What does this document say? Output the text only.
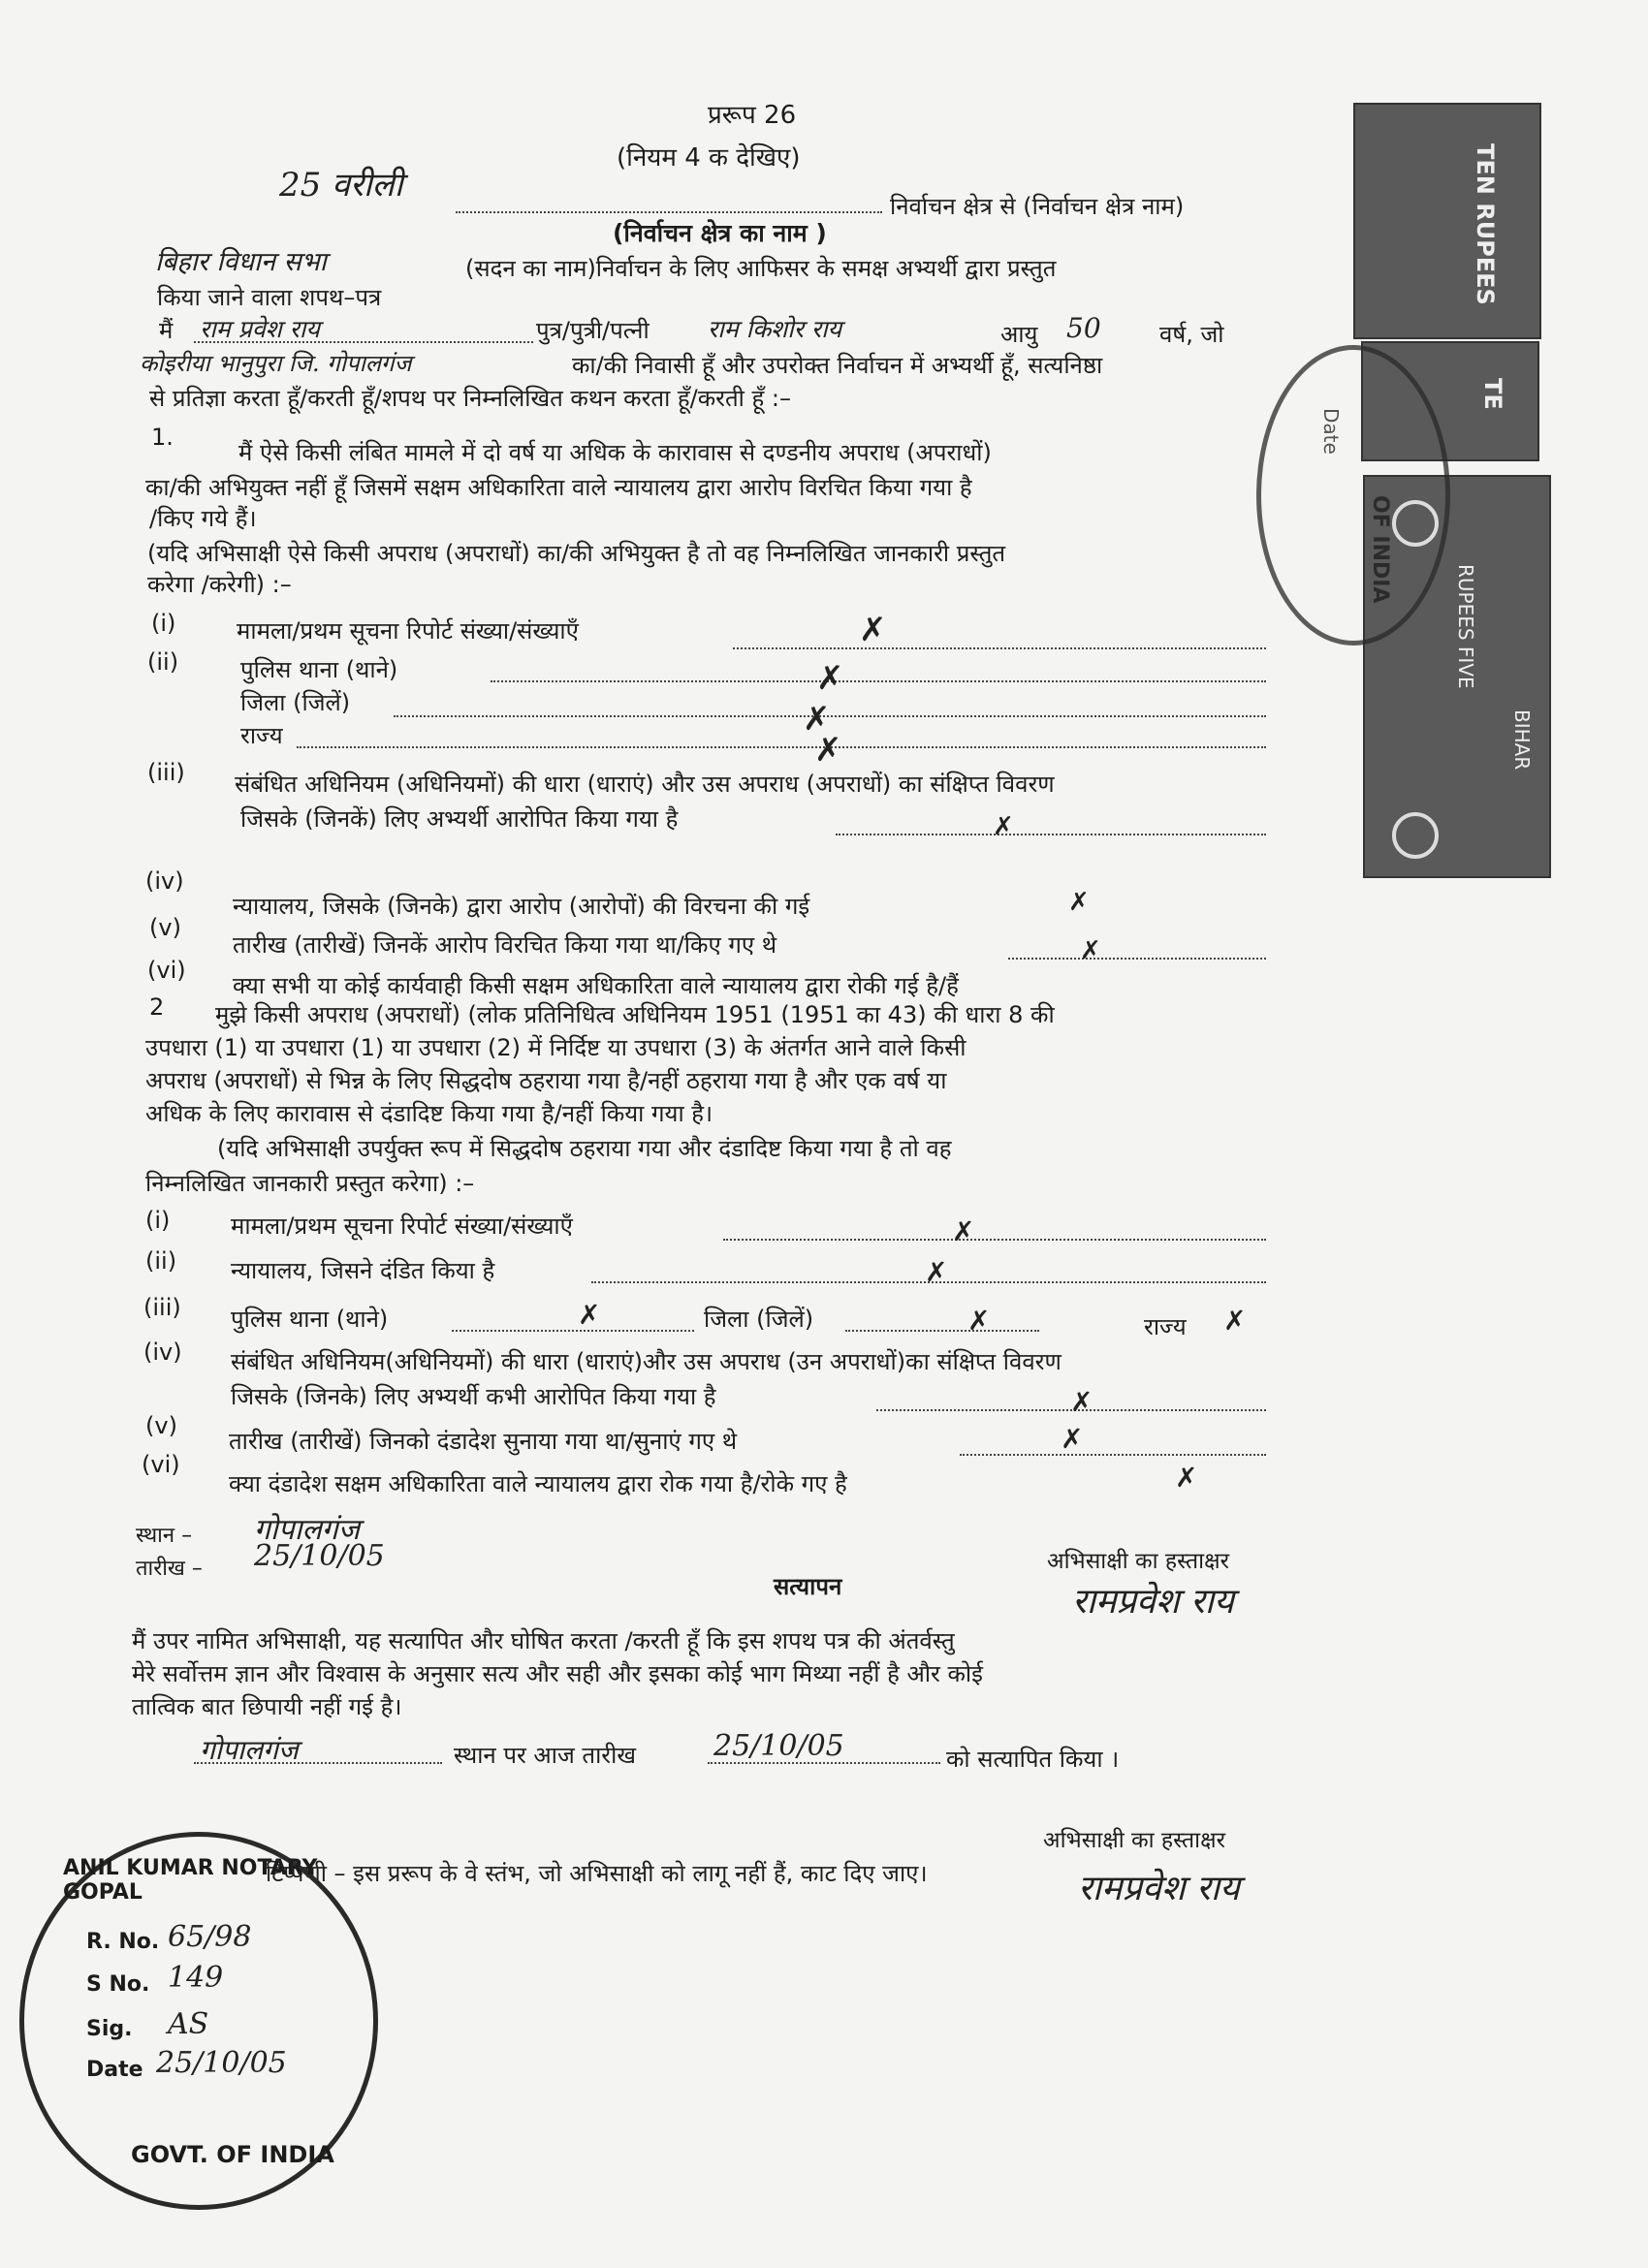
प्ररूप 26
(नियम 4 क देखिए)
25 वरीली
निर्वाचन क्षेत्र से (निर्वाचन क्षेत्र नाम)
(निर्वाचन क्षेत्र का नाम )
बिहार विधान सभा	(सदन का नाम)निर्वाचन के लिए आफिसर के समक्ष अभ्यर्थी द्वारा प्रस्तुत
किया जाने वाला शपथ–पत्र
मैं राम प्रवेश राय	पुत्र/पुत्री/पत्नी राम किशोर राय	आयु 50	वर्ष, जो
कोइरीया भानुपुरा जि. गोपालगंज	का/की निवासी हूँ और उपरोक्त निर्वाचन में अभ्यर्थी हूँ, सत्यनिष्ठा
से प्रतिज्ञा करता हूँ/करती हूँ/शपथ पर निम्नलिखित कथन करता हूँ/करती हूँ :–
1.
मैं ऐसे किसी लंबित मामले में दो वर्ष या अधिक के कारावास से दण्डनीय अपराध (अपराधों)
का/की अभियुक्त नहीं हूँ जिसमें सक्षम अधिकारिता वाले न्यायालय द्वारा आरोप विरचित किया गया है
/किए गये हैं।
(यदि अभिसाक्षी ऐसे किसी अपराध (अपराधों) का/की अभियुक्त है तो वह निम्नलिखित जानकारी प्रस्तुत
करेगा /करेगी) :–
(i)	मामला/प्रथम सूचना रिपोर्ट संख्या/संख्याएँ	✗
(ii)	पुलिस थाना (थाने)	✗
जिला (जिलें)	✗
राज्य	✗
(iii) संबंधित अधिनियम (अधिनियमों) की धारा (धाराएं) और उस अपराध (अपराधों) का संक्षिप्त विवरण
जिसके (जिनकें) लिए अभ्यर्थी आरोपित किया गया है	✗
(iv)
न्यायालय, जिसके (जिनके) द्वारा आरोप (आरोपों) की विरचना की गई	✗
(v)
तारीख (तारीखें) जिनकें आरोप विरचित किया गया था/किए गए थे	✗
(vi)
क्या सभी या कोई कार्यवाही किसी सक्षम अधिकारिता वाले न्यायालय द्वारा रोकी गई है/हैं
2 मुझे किसी अपराध (अपराधों) (लोक प्रतिनिधित्व अधिनियम 1951 (1951 का 43) की धारा 8 की
उपधारा (1) या उपधारा (1) या उपधारा (2) में निर्दिष्ट या उपधारा (3) के अंतर्गत आने वाले किसी
अपराध (अपराधों) से भिन्न के लिए सिद्धदोष ठहराया गया है/नहीं ठहराया गया है और एक वर्ष या
अधिक के लिए कारावास से दंडादिष्ट किया गया है/नहीं किया गया है।
(यदि अभिसाक्षी उपर्युक्त रूप में सिद्धदोष ठहराया गया और दंडादिष्ट किया गया है तो वह
निम्नलिखित जानकारी प्रस्तुत करेगा) :–
(i)	मामला/प्रथम सूचना रिपोर्ट संख्या/संख्याएँ	✗
(ii) न्यायालय, जिसने दंडित किया है	✗
(iii) पुलिस थाना (थाने)	✗	जिला (जिलें)	✗	राज्य ✗
(iv) संबंधित अधिनियम(अधिनियमों) की धारा (धाराएं)और उस अपराध (उन अपराधों)का संक्षिप्त विवरण
जिसके (जिनके) लिए अभ्यर्थी कभी आरोपित किया गया है	✗
(v)
तारीख (तारीखें) जिनको दंडादेश सुनाया गया था/सुनाएं गए थे	✗
(vi)
क्या दंडादेश सक्षम अधिकारिता वाले न्यायालय द्वारा रोक गया है/रोके गए है	✗
स्थान – गोपालगंज
तारीख – 25/10/05	अभिसाक्षी का हस्ताक्षर
रामप्रवेश राय
सत्यापन
मैं उपर नामित अभिसाक्षी, यह सत्यापित और घोषित करता /करती हूँ कि इस शपथ पत्र की अंतर्वस्तु
मेरे सर्वोत्तम ज्ञान और विश्वास के अनुसार सत्य और सही और इसका कोई भाग मिथ्या नहीं है और कोई
तात्विक बात छिपायी नहीं गई है।
गोपालगंज	स्थान पर आज तारीख	25/10/05	को सत्यापित किया ।
अभिसाक्षी का हस्ताक्षर
टिप्पणी – इस प्ररूप के वे स्तंभ, जो अभिसाक्षी को लागू नहीं हैं, काट दिए जाए।	रामप्रवेश राय
TEN RUPEES
TE
RUPEES FIVE
BIHAR
OF INDIA
Date
ANIL KUMAR NOTARY GOPAL
R. No. 65/98
S No. 149
Sig. AS
Date 25/10/05
GOVT. OF INDIA
